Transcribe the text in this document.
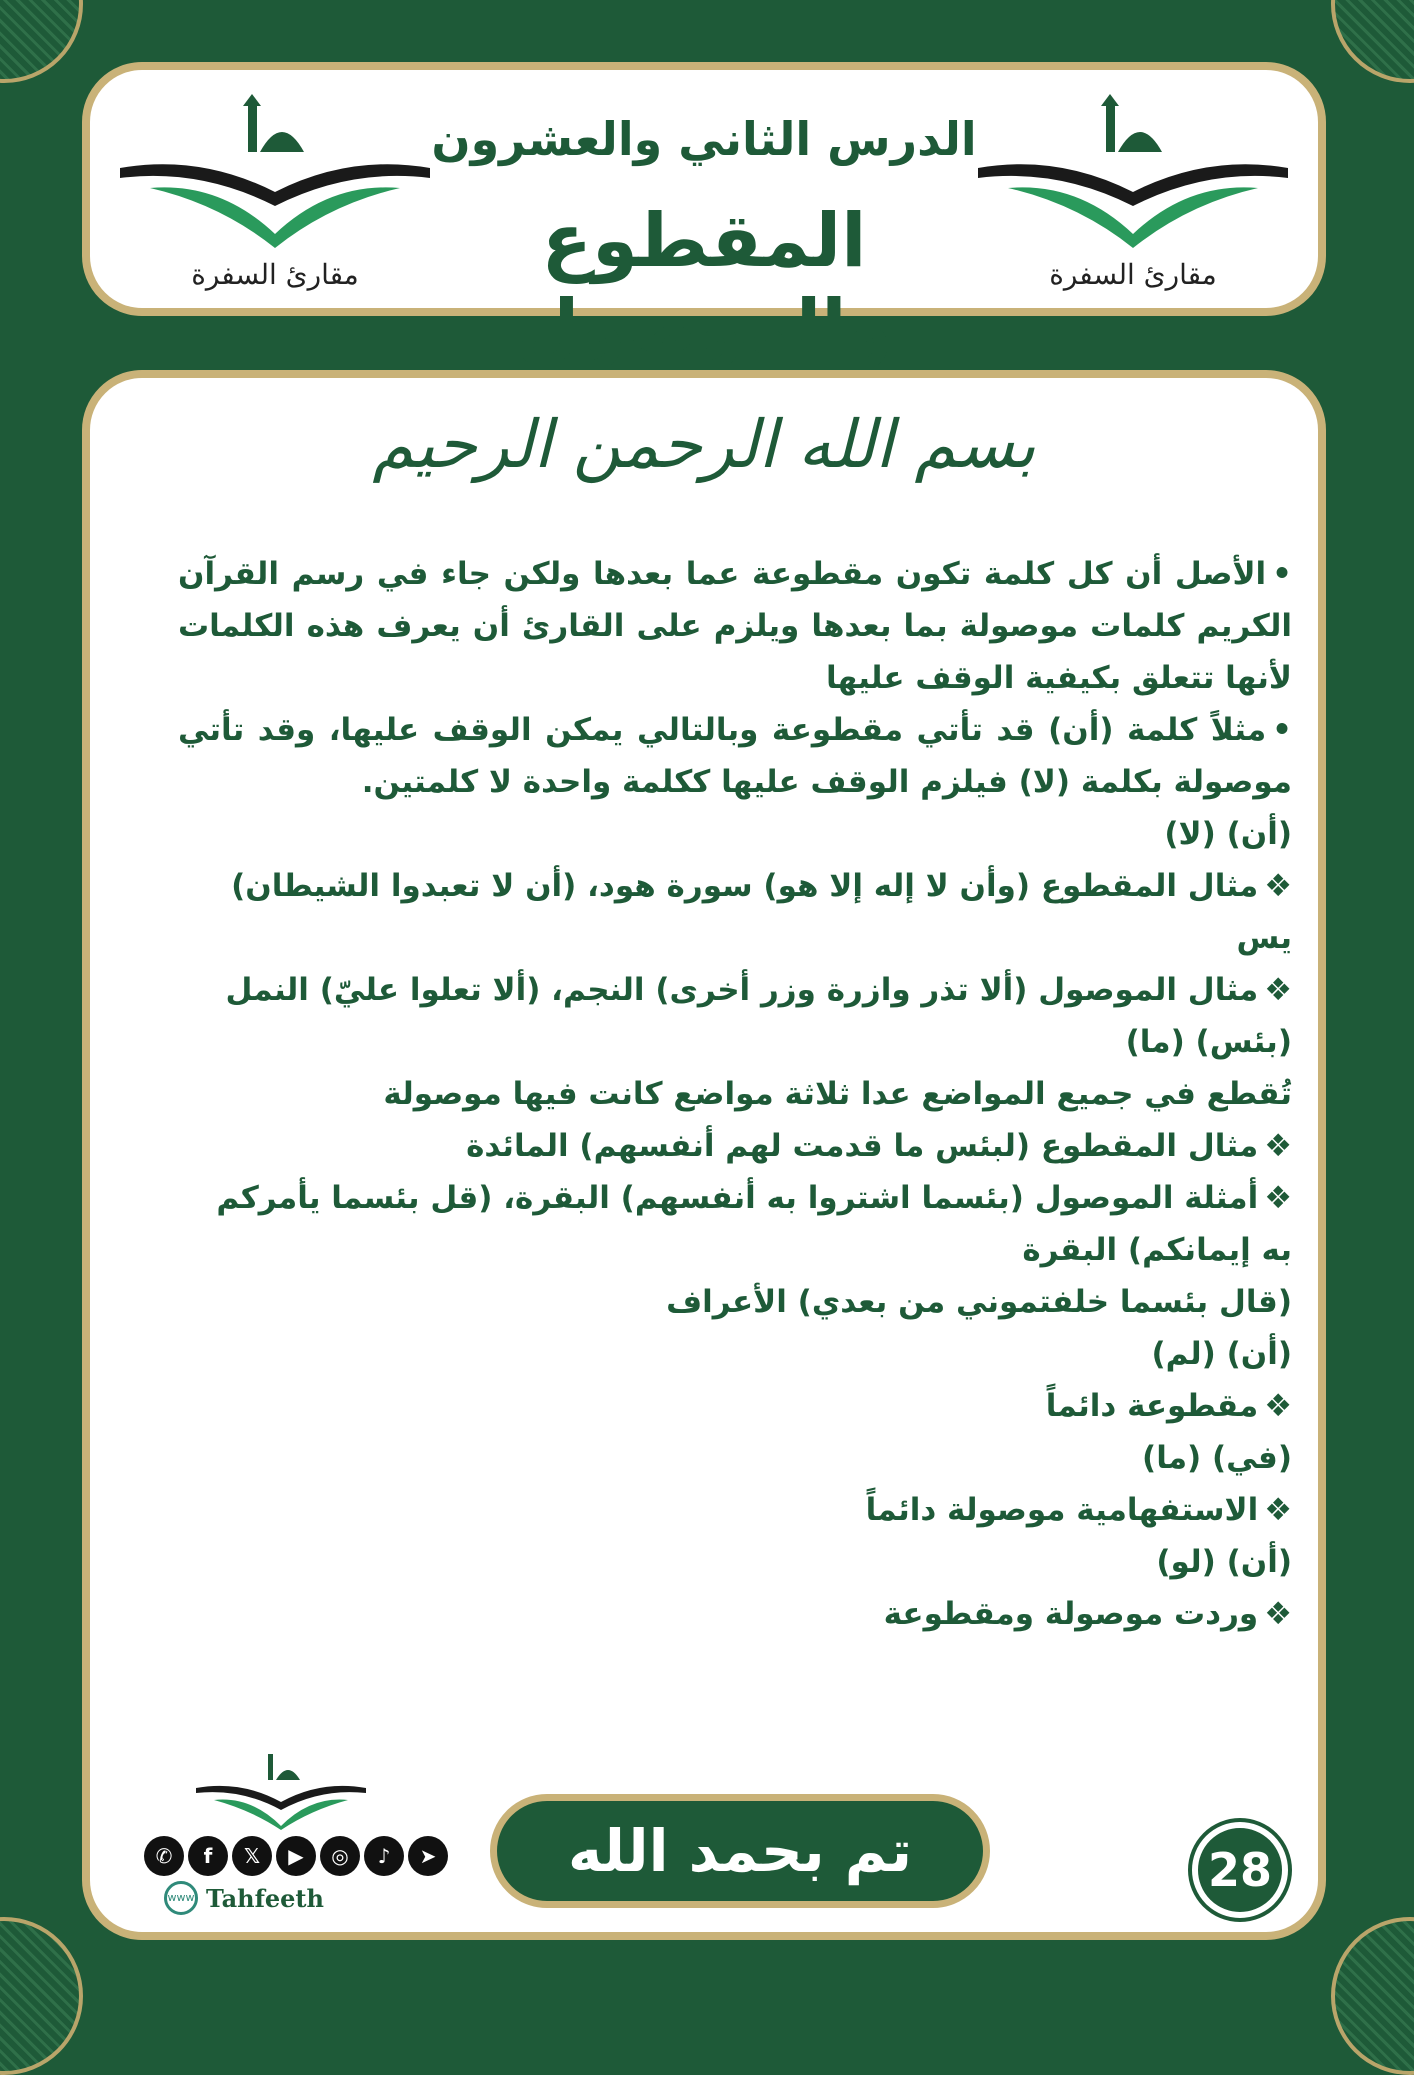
مقارئ السفرة
الدرس الثاني والعشرون
المقطوع والموصول
مقارئ السفرة
بسم الله الرحمن الرحيم

•الأصل أن كل كلمة تكون مقطوعة عما بعدها ولكن جاء في رسم القرآن الكريم كلمات موصولة بما بعدها ويلزم على القارئ أن يعرف هذه الكلمات لأنها تتعلق بكيفية الوقف عليها

•مثلاً كلمة (أن) قد تأتي مقطوعة وبالتالي يمكن الوقف عليها، وقد تأتي موصولة بكلمة (لا) فيلزم الوقف عليها ككلمة واحدة لا كلمتين.

(أن) (لا)

❖مثال المقطوع (وأن لا إله إلا هو) سورة هود، (أن لا تعبدوا الشيطان) يس

❖مثال الموصول (ألا تذر وازرة وزر أخرى) النجم، (ألا تعلوا عليّ) النمل

(بئس) (ما)

تُقطع في جميع المواضع عدا ثلاثة مواضع كانت فيها موصولة

❖مثال المقطوع (لبئس ما قدمت لهم أنفسهم) المائدة

❖أمثلة الموصول (بئسما اشتروا به أنفسهم) البقرة، (قل بئسما يأمركم به إيمانكم) البقرة

(قال بئسما خلفتموني من بعدي) الأعراف

(أن) (لم)

❖مقطوعة دائماً

(في) (ما)

❖الاستفهامية موصولة دائماً

(أن) (لو)

❖وردت موصولة ومقطوعة

✆	f	𝕏	▶	◎	♪	➤
www Tahfeeth
تم بحمد الله	28
